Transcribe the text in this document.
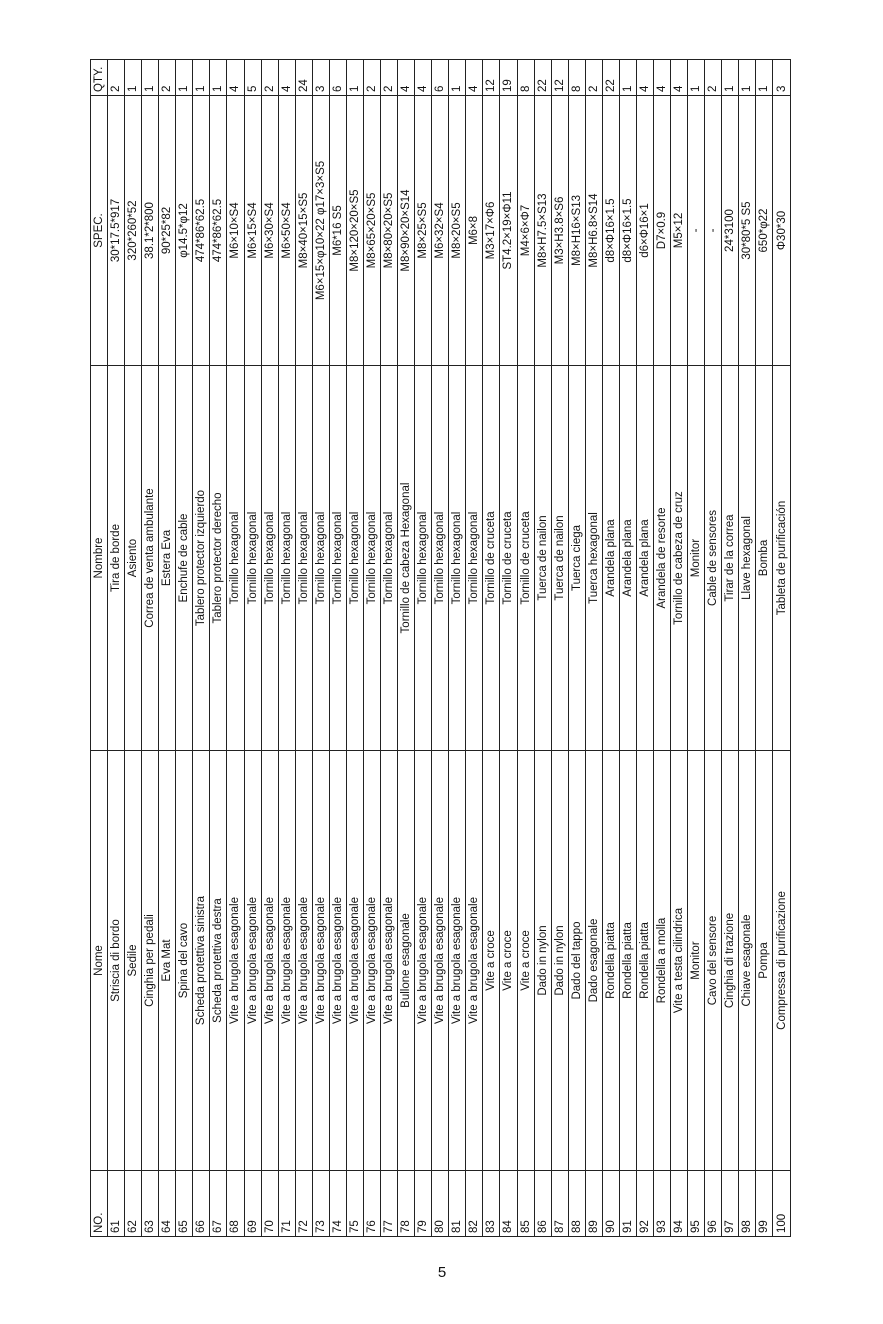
NO.	Nome	Nombre	SPEC.	QTY.
61	Striscia di bordo	Tira de borde	30*17.5*917	2
62	Sedile	Asiento	320*260*52	1
63	Cinghia per pedali	Correa de venta ambulante	38.1*2*800	1
64	Eva Mat	Estera Eva	90*25*82	2
65	Spina del cavo	Enchufe de cable	φ14.5*φ12	1
66	Scheda protettiva sinistra	Tablero protector izquierdo	474*86*62.5	1
67	Scheda protettiva destra	Tablero protector derecho	474*86*62.5	1
68	Vite a brugola esagonale	Tornillo hexagonal	M6×10×S4	4
69	Vite a brugola esagonale	Tornillo hexagonal	M6×15×S4	5
70	Vite a brugola esagonale	Tornillo hexagonal	M6×30×S4	2
71	Vite a brugola esagonale	Tornillo hexagonal	M6×50×S4	4
72	Vite a brugola esagonale	Tornillo hexagonal	M8×40×15×S5	24
73	Vite a brugola esagonale	Tornillo hexagonal	M6×15×φ10×22 φ17×3×S5	3
74	Vite a brugola esagonale	Tornillo hexagonal	M6*16 S5	6
75	Vite a brugola esagonale	Tornillo hexagonal	M8×120×20×S5	1
76	Vite a brugola esagonale	Tornillo hexagonal	M8×65×20×S5	2
77	Vite a brugola esagonale	Tornillo hexagonal	M8×80×20×S5	2
78	Bullone esagonale	Tornillo de cabeza Hexagonal	M8×90×20×S14	4
79	Vite a brugola esagonale	Tornillo hexagonal	M8×25×S5	4
80	Vite a brugola esagonale	Tornillo hexagonal	M6×32×S4	6
81	Vite a brugola esagonale	Tornillo hexagonal	M8×20×S5	1
82	Vite a brugola esagonale	Tornillo hexagonal	M6×8	4
83	Vite a croce	Tornillo de cruceta	M3×17×Φ6	12
84	Vite a croce	Tornillo de cruceta	ST4.2×19×Φ11	19
85	Vite a croce	Tornillo de cruceta	M4×6×Φ7	8
86	Dado in nylon	Tuerca de nailon	M8×H7.5×S13	22
87	Dado in nylon	Tuerca de nailon	M3×H3.8×S6	12
88	Dado del tappo	Tuerca ciega	M8×H16×S13	8
89	Dado esagonale	Tuerca hexagonal	M8×H6.8×S14	2
90	Rondella piatta	Arandela plana	d8×Φ16×1.5	22
91	Rondella piatta	Arandela plana	d8×Φ16×1.5	1
92	Rondella piatta	Arandela plana	d6×Φ16×1	4
93	Rondella a molla	Arandela de resorte	D7×0.9	4
94	Vite a testa cilindrica	Tornillo de cabeza de cruz	M5×12	4
95	Monitor	Monitor	-	1
96	Cavo del sensore	Cable de sensores	-	2
97	Cinghia di trazione	Tirar de la correa	24*3100	1
98	Chiave esagonale	Llave hexagonal	30*80*5 S5	1
99	Pompa	Bomba	650*φ22	1
100	Compressa di purificazione	Tableta de purificación	Φ30*30	3
5
